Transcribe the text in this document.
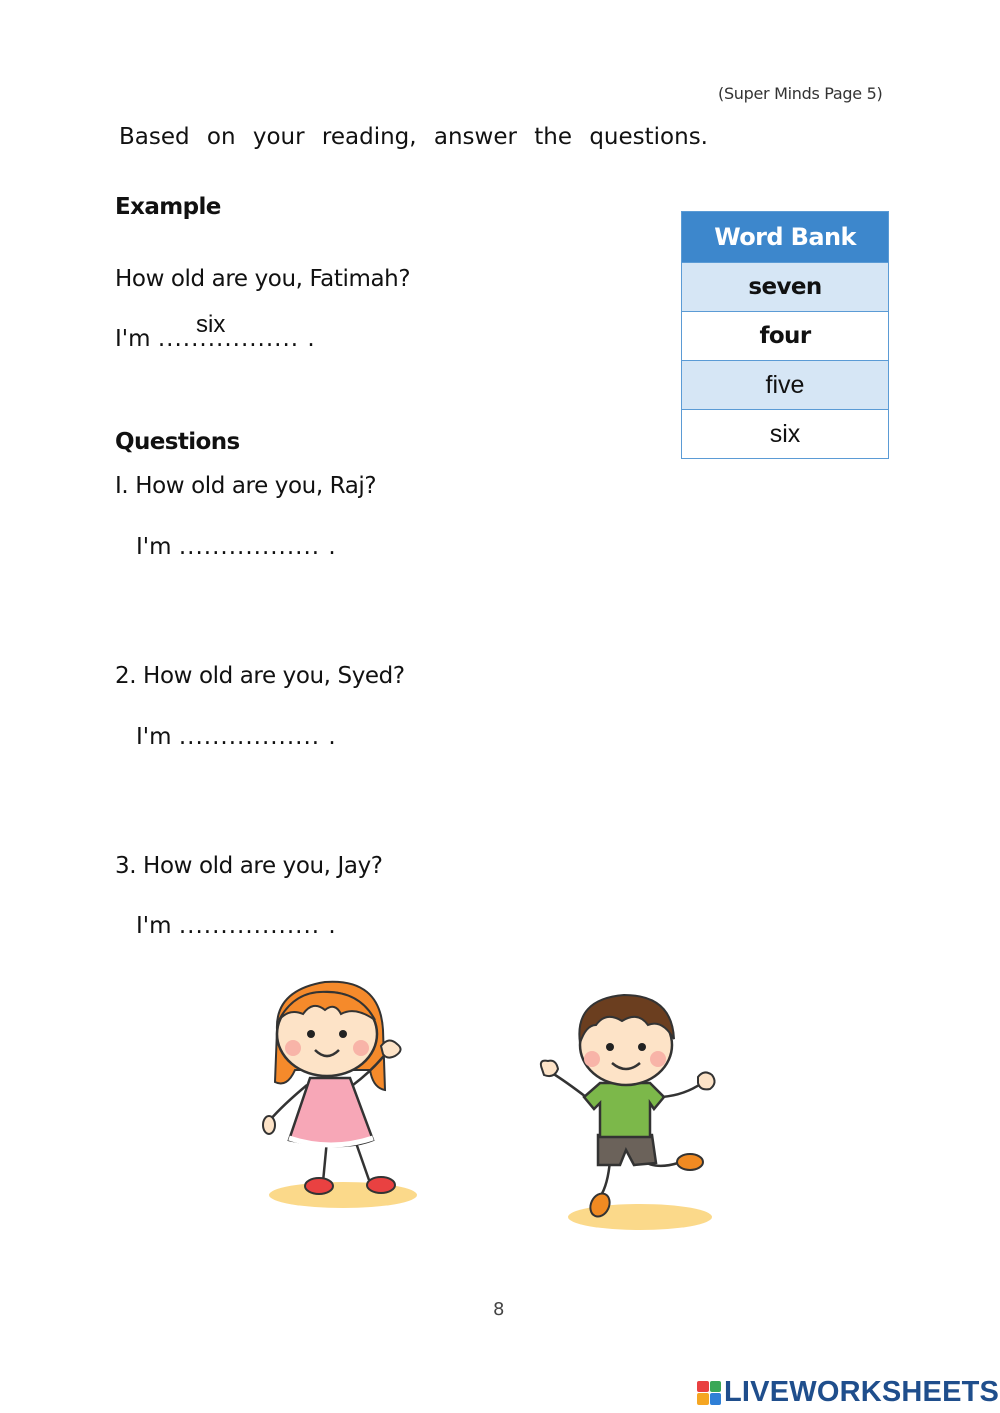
(Super Minds Page 5)
Based on your reading, answer the questions.
Example
How old are you, Fatimah?
I'm ................. .
six
Questions
I. How old are you, Raj?
I'm ................. .
2. How old are you, Syed?
I'm ................. .
3. How old are you, Jay?
I'm ................. .
Word Bank
seven
four
five
six
8
LIVEWORKSHEETS
